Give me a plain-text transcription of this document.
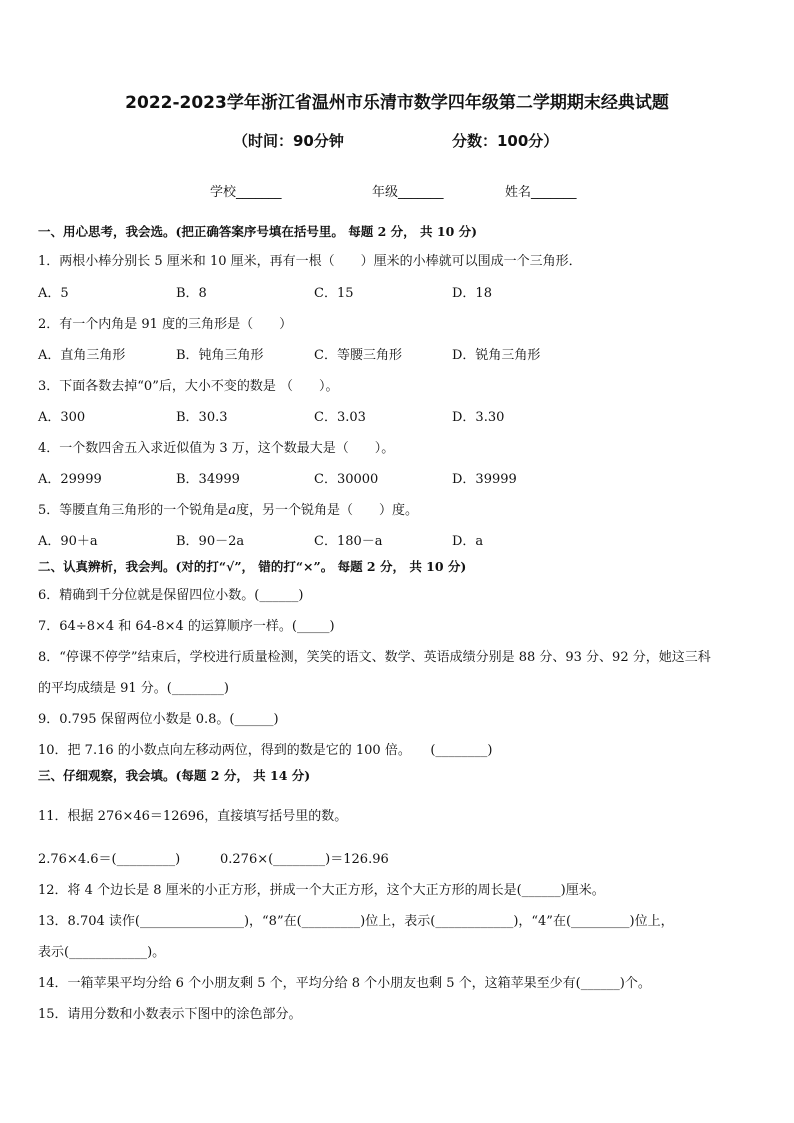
2022-2023学年浙江省温州市乐清市数学四年级第二学期期末经典试题
（时间：90分钟	分数：100分）
学校_______	年级_______	姓名_______
一、用心思考，我会选。(把正确答案序号填在括号里。 每题 2 分， 共 10 分)
1．两根小棒分别长 5 厘米和 10 厘米，再有一根（　　）厘米的小棒就可以围成一个三角形．
A．5	B．8	C．15	D．18
2．有一个内角是 91 度的三角形是（　　）
A．直角三角形	B．钝角三角形	C．等腰三角形	D．锐角三角形
3．下面各数去掉“0”后，大小不变的数是 （　　）。
A．300	B．30.3	C．3.03	D．3.30
4．一个数四舍五入求近似值为 3 万，这个数最大是（　　）。
A．29999	B．34999	C．30000	D．39999
5．等腰直角三角形的一个锐角是a度，另一个锐角是（　　）度。
A．90＋a	B．90－2a	C．180－a	D．a
二、认真辨析，我会判。(对的打“√”， 错的打“×”。 每题 2 分， 共 10 分)
6．精确到千分位就是保留四位小数。(______)
7．64÷8×4 和 64-8×4 的运算顺序一样。(_____)
8．“停课不停学”结束后，学校进行质量检测，笑笑的语文、数学、英语成绩分别是 88 分、93 分、92 分，她这三科
的平均成绩是 91 分。(________)
9．0.795 保留两位小数是 0.8。(______)
10．把 7.16 的小数点向左移动两位，得到的数是它的 100 倍。　　(________)
三、仔细观察，我会填。(每题 2 分， 共 14 分)
11．根据 276×46＝12696，直接填写括号里的数。
2.76×4.6＝(_________)	0.276×(________)＝126.96
12．将 4 个边长是 8 厘米的小正方形，拼成一个大正方形，这个大正方形的周长是(______)厘米。
13．8.704 读作(________________)，“8”在(_________)位上，表示(____________)，“4”在(_________)位上，
表示(____________)。
14．一箱苹果平均分给 6 个小朋友剩 5 个，平均分给 8 个小朋友也剩 5 个，这箱苹果至少有(______)个。
15．请用分数和小数表示下图中的涂色部分。
